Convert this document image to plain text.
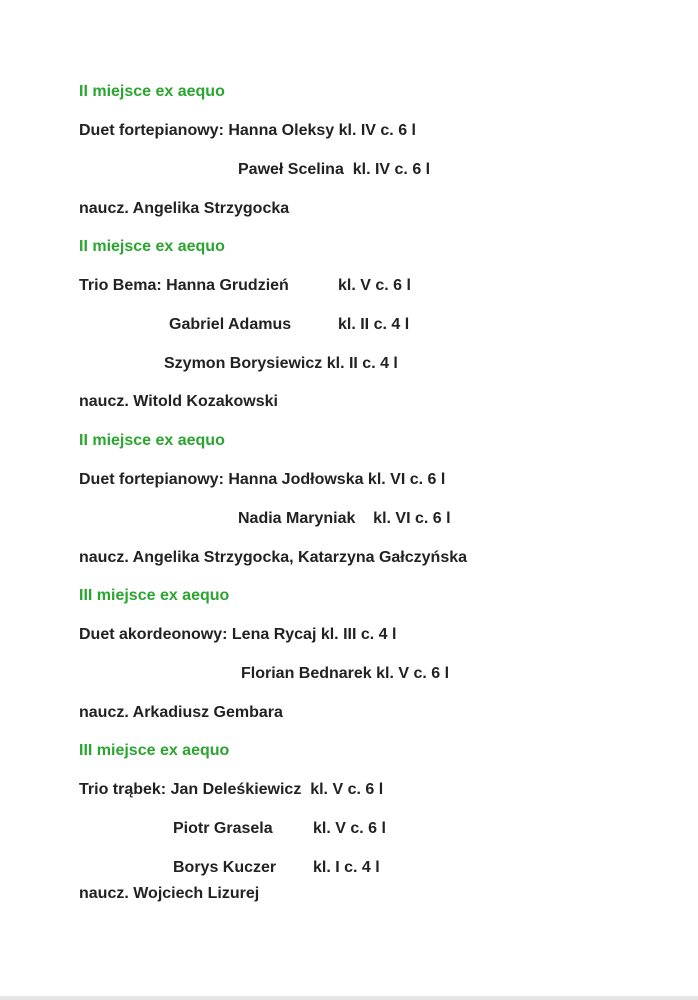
II miejsce ex aequo

Duet fortepianowy: Hanna Oleksy kl. IV c. 6 l

Paweł Scelina  kl. IV c. 6 l

naucz. Angelika Strzygocka

II miejsce ex aequo

Trio Bema: Hanna Grudzień	kl. V c. 6 l

Gabriel Adamus	kl. II c. 4 l

Szymon Borysiewicz kl. II c. 4 l

naucz. Witold Kozakowski

II miejsce ex aequo

Duet fortepianowy: Hanna Jodłowska kl. VI c. 6 l

Nadia Maryniak    kl. VI c. 6 l

naucz. Angelika Strzygocka, Katarzyna Gałczyńska

III miejsce ex aequo

Duet akordeonowy: Lena Rycaj kl. III c. 4 l

Florian Bednarek kl. V c. 6 l

naucz. Arkadiusz Gembara

III miejsce ex aequo

Trio trąbek: Jan Deleśkiewicz  kl. V c. 6 l

Piotr Grasela	kl. V c. 6 l

Borys Kuczer kl. I c. 4 l

naucz. Wojciech Lizurej
